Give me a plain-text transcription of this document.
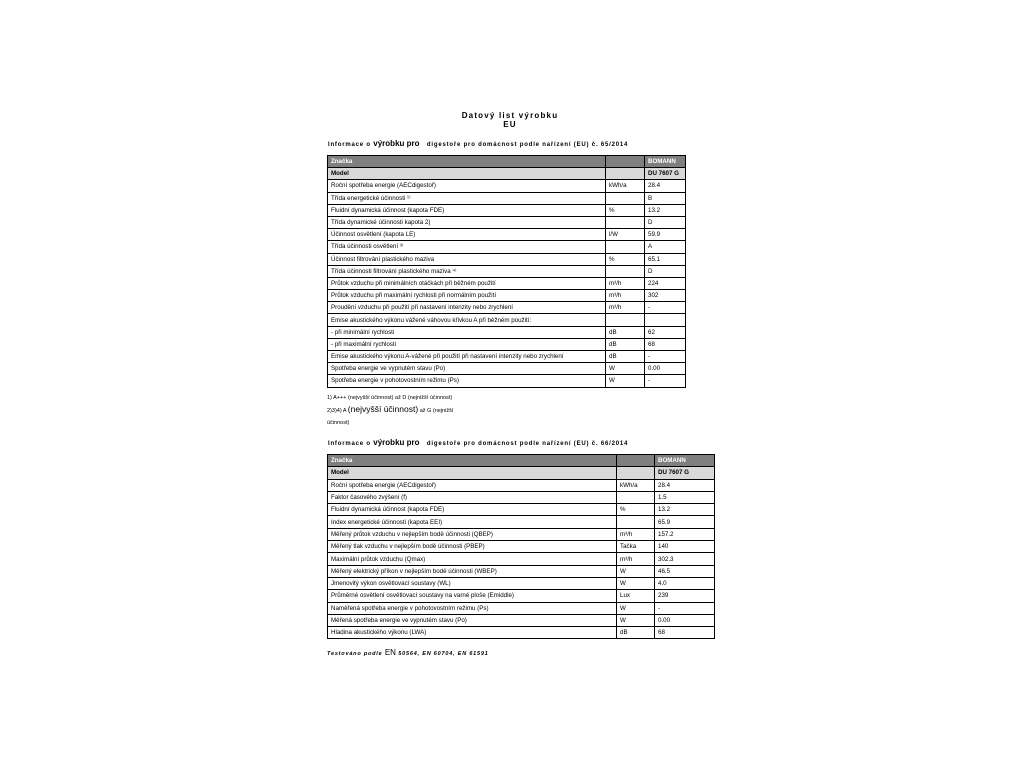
Datový list výrobku
EU
Informace o výrobku pro digestoře pro domácnost podle nařízení (EU) č. 65/2014
Značka		BOMANN
Model		DU 7607 G
Roční spotřeba energie (AECdigestoř)	kWh/a	28.4
Třída energetické účinnosti ¹⁾		B
Fluidní dynamická účinnost (kapota FDE)	%	13.2
Třída dynamické účinnosti kapota 2)		D
Účinnost osvětlení (kapota LE)	l/W	59.9
Třída účinnosti osvětlení ³⁾		A
Účinnost filtrování plastického maziva	%	65.1
Třída účinnosti filtrování plastického maziva ⁴⁾		D
Průtok vzduchu při minimálních otáčkách při běžném použití	m³/h	224
Průtok vzduchu při maximální rychlosti při normálním použití	m³/h	302
Proudění vzduchu při použití při nastavení intenzity nebo zrychlení	m³/h	-
Emise akustického výkonu vážené váhovou křivkou A při běžném použití:		
- při minimální rychlosti	dB	62
- při maximální rychlosti	dB	68
Emise akustického výkonu A-vážené při použití při nastavení intenzity nebo zrychlení	dB	-
Spotřeba energie ve vypnutém stavu (Po)	W	0.00
Spotřeba energie v pohotovostním režimu (Ps)	W	-
1) A+++ (nejvyšší účinnost) až D (nejnižší účinnost)
2)3)4) A (nejvyšší účinnost) až G (nejnižší
účinnost)
Informace o výrobku pro digestoře pro domácnost podle nařízení (EU) č. 66/2014
Značka		BOMANN
Model		DU 7607 G
Roční spotřeba energie (AECdigestoř)	kWh/a	28.4
Faktor časového zvýšení (f)		1.5
Fluidní dynamická účinnost (kapota FDE)	%	13.2
Index energetické účinnosti (kapota EEI)		65.9
Měřený průtok vzduchu v nejlepším bodě účinnosti (QBEP)	m³/h	157.2
Měřený tlak vzduchu v nejlepším bodě účinnosti (PBEP)	Tačka	140
Maximální průtok vzduchu (Qmax)	m³/h	302.3
Měřený elektrický příkon v nejlepším bodě účinnosti (WBEP)	W	46.5
Jmenovitý výkon osvětlovací soustavy (WL)	W	4.0
Průměrné osvětlení osvětlovací soustavy na varné ploše (Emiddle)	Lux	239
Naměřená spotřeba energie v pohotovostním režimu (Ps)	W	-
Měřená spotřeba energie ve vypnutém stavu (Po)	W	0.00
Hladina akustického výkonu (LWA)	dB	68
Testováno podle EN 50564, EN 60704, EN 61591
